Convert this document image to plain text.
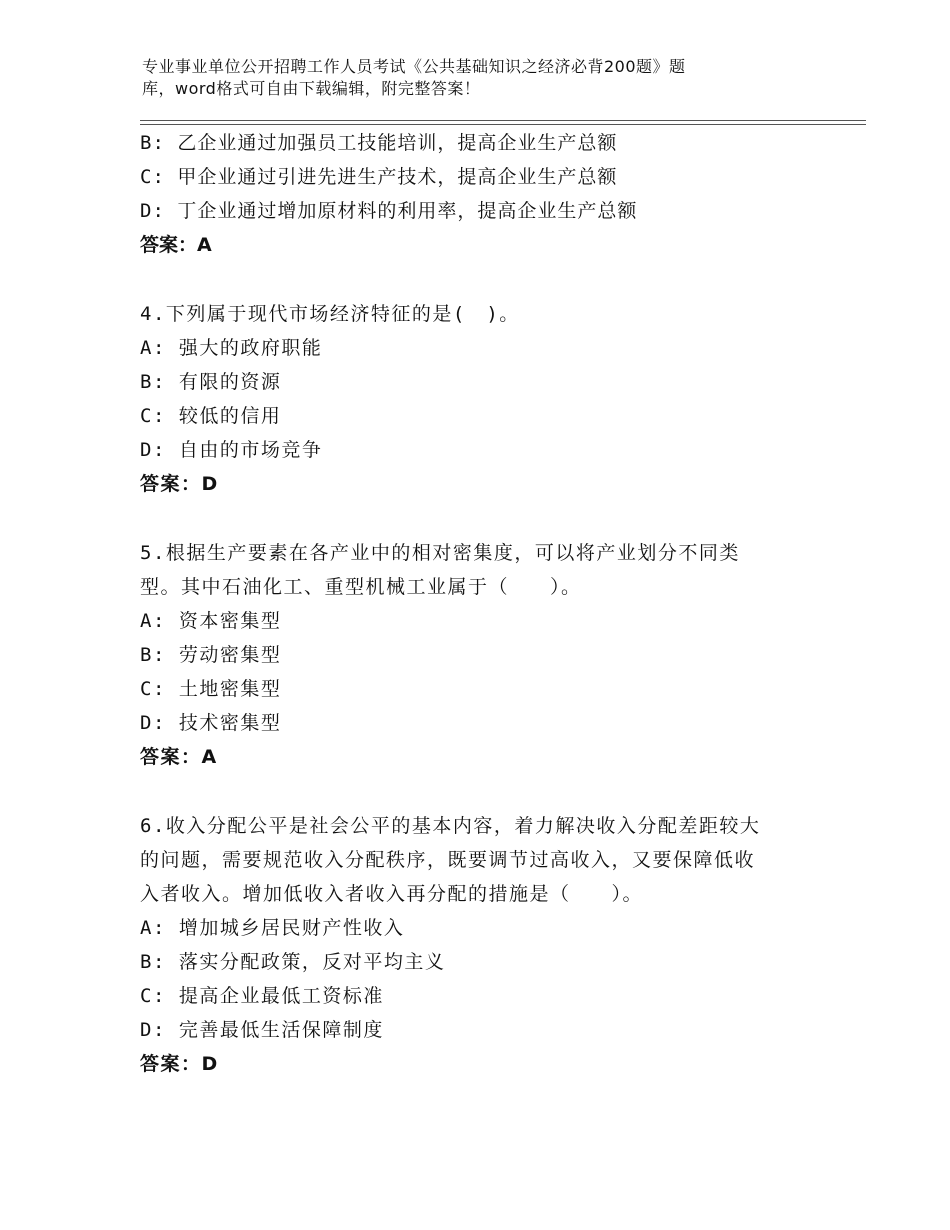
专业事业单位公开招聘工作人员考试《公共基础知识之经济必背200题》题
库，word格式可自由下载编辑，附完整答案！
B: 乙企业通过加强员工技能培训，提高企业生产总额
C: 甲企业通过引进先进生产技术，提高企业生产总额
D: 丁企业通过增加原材料的利用率，提高企业生产总额
答案：A
4.下列属于现代市场经济特征的是(　)。
A: 强大的政府职能
B: 有限的资源
C: 较低的信用
D: 自由的市场竞争
答案：D
5.根据生产要素在各产业中的相对密集度，可以将产业划分不同类
型。其中石油化工、重型机械工业属于（　　）。
A: 资本密集型
B: 劳动密集型
C: 土地密集型
D: 技术密集型
答案：A
6.收入分配公平是社会公平的基本内容，着力解决收入分配差距较大
的问题，需要规范收入分配秩序，既要调节过高收入，又要保障低收
入者收入。增加低收入者收入再分配的措施是（　　）。
A: 增加城乡居民财产性收入
B: 落实分配政策，反对平均主义
C: 提高企业最低工资标准
D: 完善最低生活保障制度
答案：D
